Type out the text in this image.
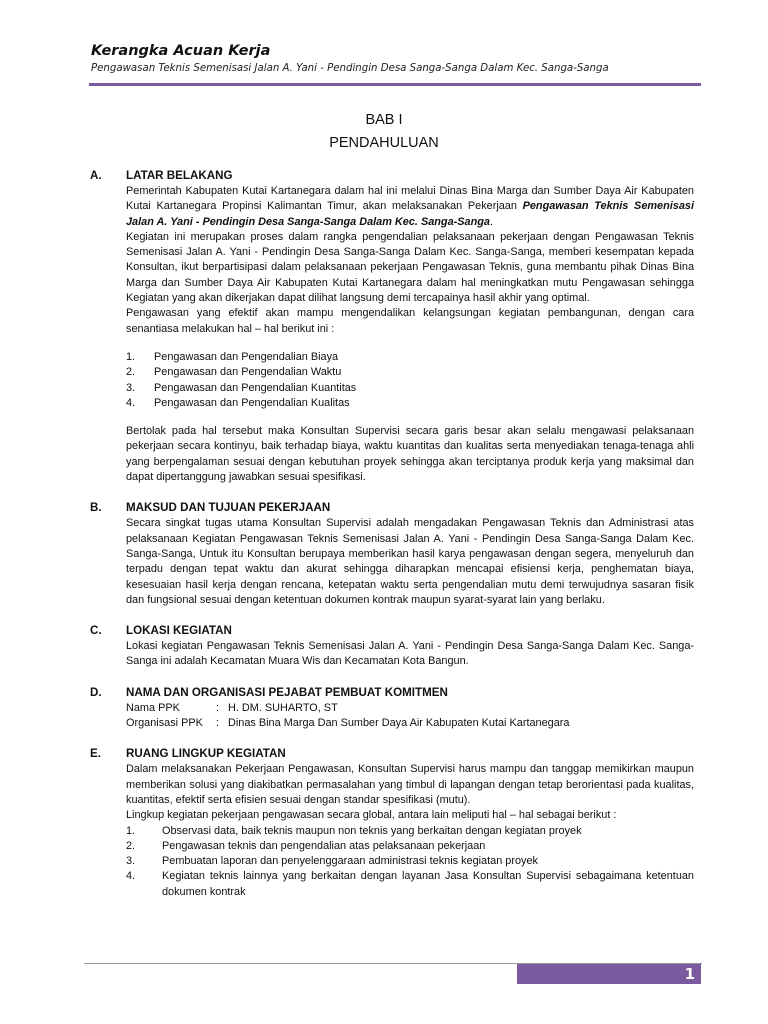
Kerangka Acuan Kerja
Pengawasan Teknis Semenisasi Jalan A. Yani - Pendingin Desa Sanga-Sanga Dalam Kec. Sanga-Sanga
BAB I
PENDAHULUAN
A.	LATAR BELAKANG

Pemerintah Kabupaten Kutai Kartanegara dalam hal ini melalui Dinas Bina Marga dan Sumber Daya Air Kabupaten Kutai Kartanegara Propinsi Kalimantan Timur, akan melaksanakan Pekerjaan Pengawasan Teknis Semenisasi Jalan A. Yani - Pendingin Desa Sanga-Sanga Dalam Kec. Sanga-Sanga.

Kegiatan ini merupakan proses dalam rangka pengendalian pelaksanaan pekerjaan dengan Pengawasan Teknis Semenisasi Jalan A. Yani - Pendingin Desa Sanga-Sanga Dalam Kec. Sanga-Sanga, memberi kesempatan kepada Konsultan, ikut berpartisipasi dalam pelaksanaan pekerjaan Pengawasan Teknis, guna membantu pihak Dinas Bina Marga dan Sumber Daya Air Kabupaten Kutai Kartanegara dalam hal meningkatkan mutu Pengawasan sehingga Kegiatan yang akan dikerjakan dapat dilihat langsung demi tercapainya hasil akhir yang optimal.

Pengawasan yang efektif akan mampu mengendalikan kelangsungan kegiatan pembangunan, dengan cara senantiasa melakukan hal – hal berikut ini :

1.	Pengawasan dan Pengendalian Biaya
2.	Pengawasan dan Pengendalian Waktu
3.	Pengawasan dan Pengendalian Kuantitas
4.	Pengawasan dan Pengendalian Kualitas

Bertolak pada hal tersebut maka Konsultan Supervisi secara garis besar akan selalu mengawasi pelaksanaan pekerjaan secara kontinyu, baik terhadap biaya, waktu kuantitas dan kualitas serta menyediakan tenaga-tenaga ahli yang berpengalaman sesuai dengan kebutuhan proyek sehingga akan terciptanya produk kerja yang maksimal dan dapat dipertanggung jawabkan sesuai spesifikasi.

B.	MAKSUD DAN TUJUAN PEKERJAAN

Secara singkat tugas utama Konsultan Supervisi adalah mengadakan Pengawasan Teknis dan Administrasi atas pelaksanaan Kegiatan Pengawasan Teknis Semenisasi Jalan A. Yani - Pendingin Desa Sanga-Sanga Dalam Kec. Sanga-Sanga, Untuk itu Konsultan berupaya memberikan hasil karya pengawasan dengan segera, menyeluruh dan terpadu dengan tepat waktu dan akurat sehingga diharapkan mencapai efisiensi kerja, penghematan biaya, kesesuaian hasil kerja dengan rencana, ketepatan waktu serta pengendalian mutu demi terwujudnya sasaran fisik dan fungsional sesuai dengan ketentuan dokumen kontrak maupun syarat-syarat lain yang berlaku.

C.	LOKASI KEGIATAN

Lokasi kegiatan Pengawasan Teknis Semenisasi Jalan A. Yani - Pendingin Desa Sanga-Sanga Dalam Kec. Sanga-Sanga ini adalah Kecamatan Muara Wis dan Kecamatan Kota Bangun.

D.	NAMA DAN ORGANISASI PEJABAT PEMBUAT KOMITMEN
Nama PPK	: H. DM. SUHARTO, ST
Organisasi PPK	: Dinas Bina Marga Dan Sumber Daya Air Kabupaten Kutai Kartanegara
E.	RUANG LINGKUP KEGIATAN

Dalam melaksanakan Pekerjaan Pengawasan, Konsultan Supervisi harus mampu dan tanggap memikirkan maupun memberikan solusi yang diakibatkan permasalahan yang timbul di lapangan dengan tetap berorientasi pada kualitas, kuantitas, efektif serta efisien sesuai dengan standar spesifikasi (mutu).

Lingkup kegiatan pekerjaan pengawasan secara global, antara lain meliputi hal – hal sebagai berikut :

1.	Observasi data, baik teknis maupun non teknis yang berkaitan dengan kegiatan proyek
2.	Pengawasan teknis dan pengendalian atas pelaksanaan pekerjaan
3.	Pembuatan laporan dan penyelenggaraan administrasi teknis kegiatan proyek
4.	Kegiatan teknis lainnya yang berkaitan dengan layanan Jasa Konsultan Supervisi sebagaimana ketentuan dokumen kontrak
1
